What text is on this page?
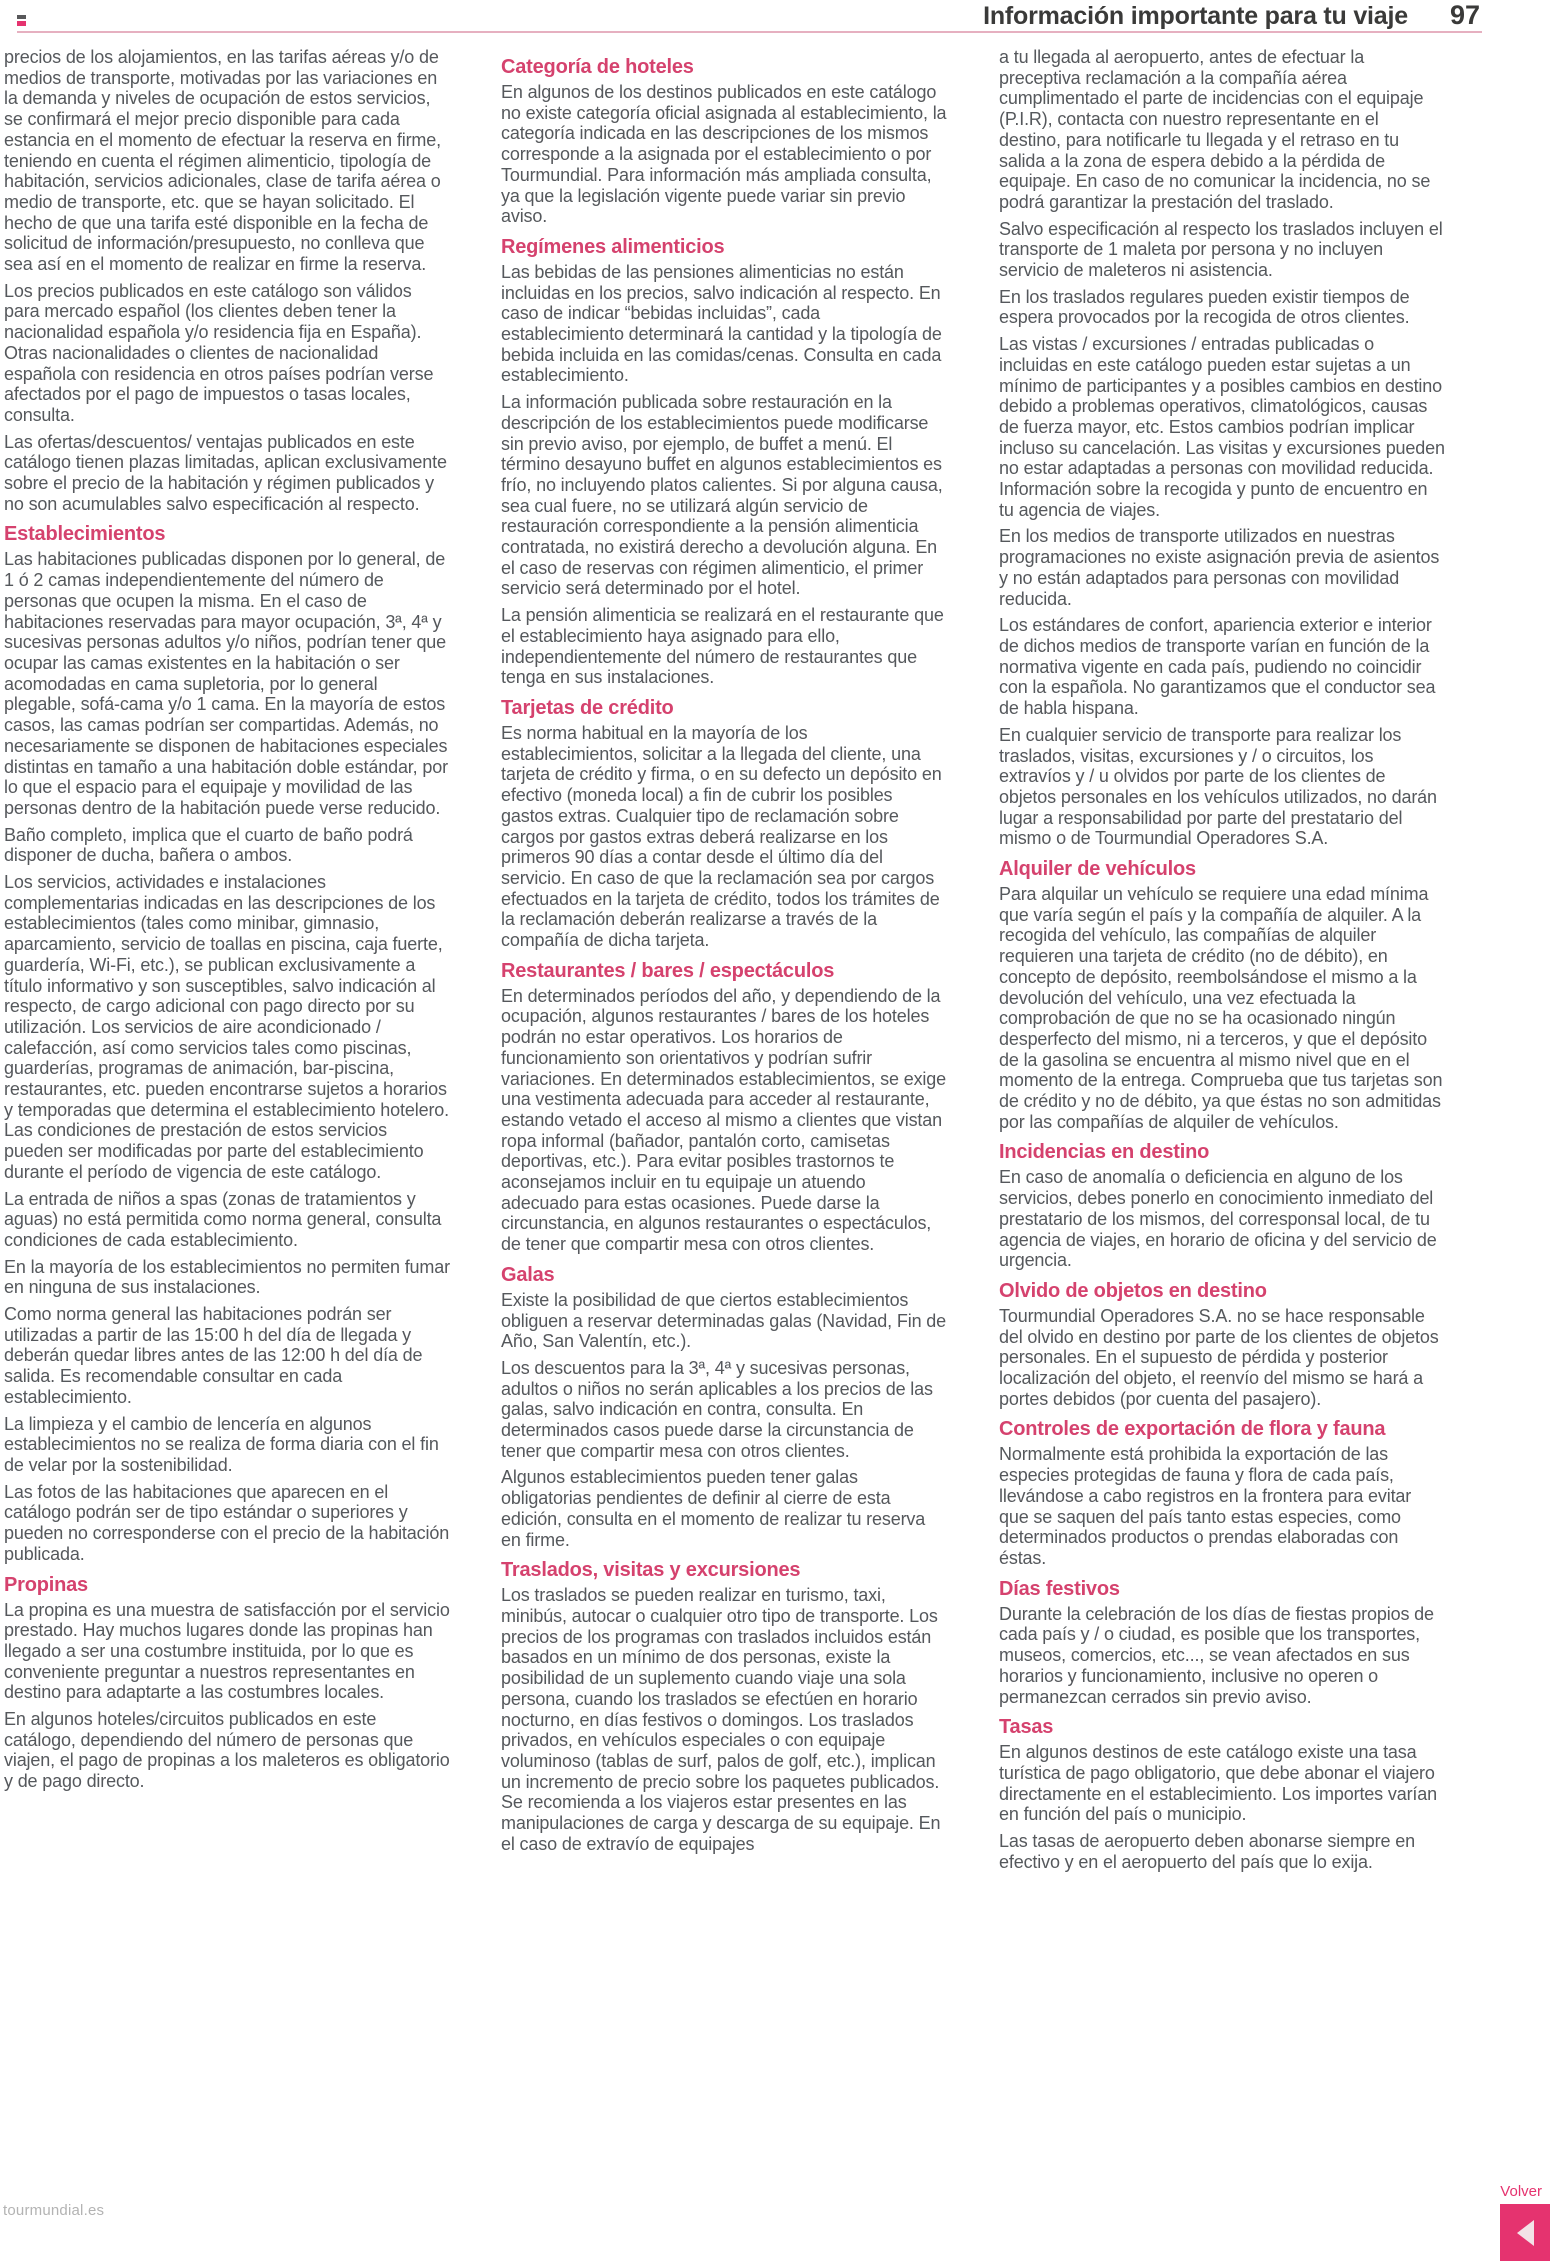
Información importante para tu viaje 97

precios de los alojamientos, en las tarifas aéreas y/o de medios de transporte, motivadas por las variaciones en la demanda y niveles de ocupación de estos servicios, se confirmará el mejor precio disponible para cada estancia en el momento de efectuar la reserva en firme, teniendo en cuenta el régimen alimenticio, tipología de habitación, servicios adicionales, clase de tarifa aérea o medio de transporte, etc. que se hayan solicitado. El hecho de que una tarifa esté disponible en la fecha de solicitud de información/presupuesto, no conlleva que sea así en el momento de realizar en firme la reserva.

Los precios publicados en este catálogo son válidos para mercado español (los clientes deben tener la nacionalidad española y/o residencia fija en España). Otras nacionalidades o clientes de nacionalidad española con residencia en otros países podrían verse afectados por el pago de impuestos o tasas locales, consulta.

Las ofertas/descuentos/ ventajas publicados en este catálogo tienen plazas limitadas, aplican exclusivamente sobre el precio de la habitación y régimen publicados y no son acumulables salvo especificación al respecto.

Establecimientos

Las habitaciones publicadas disponen por lo general, de 1 ó 2 camas independientemente del número de personas que ocupen la misma. En el caso de habitaciones reservadas para mayor ocupación, 3ª, 4ª y sucesivas personas adultos y/o niños, podrían tener que ocupar las camas existentes en la habitación o ser acomodadas en cama supletoria, por lo general plegable, sofá-cama y/o 1 cama. En la mayoría de estos casos, las camas podrían ser compartidas. Además, no necesariamente se disponen de habitaciones especiales distintas en tamaño a una habitación doble estándar, por lo que el espacio para el equipaje y movilidad de las personas dentro de la habitación puede verse reducido.

Baño completo, implica que el cuarto de baño podrá disponer de ducha, bañera o ambos.

Los servicios, actividades e instalaciones complementarias indicadas en las descripciones de los establecimientos (tales como minibar, gimnasio, aparcamiento, servicio de toallas en piscina, caja fuerte, guardería, Wi-Fi, etc.), se publican exclusivamente a título informativo y son susceptibles, salvo indicación al respecto, de cargo adicional con pago directo por su utilización. Los servicios de aire acondicionado / calefacción, así como servicios tales como piscinas, guarderías, programas de animación, bar-piscina, restaurantes, etc. pueden encontrarse sujetos a horarios y temporadas que determina el establecimiento hotelero. Las condiciones de prestación de estos servicios pueden ser modificadas por parte del establecimiento durante el período de vigencia de este catálogo.

La entrada de niños a spas (zonas de tratamientos y aguas) no está permitida como norma general, consulta condiciones de cada establecimiento.

En la mayoría de los establecimientos no permiten fumar en ninguna de sus instalaciones.

Como norma general las habitaciones podrán ser utilizadas a partir de las 15:00 h del día de llegada y deberán quedar libres antes de las 12:00 h del día de salida. Es recomendable consultar en cada establecimiento.

La limpieza y el cambio de lencería en algunos establecimientos no se realiza de forma diaria con el fin de velar por la sostenibilidad.

Las fotos de las habitaciones que aparecen en el catálogo podrán ser de tipo estándar o superiores y pueden no corresponderse con el precio de la habitación publicada.

Propinas

La propina es una muestra de satisfacción por el servicio prestado. Hay muchos lugares donde las propinas han llegado a ser una costumbre instituida, por lo que es conveniente preguntar a nuestros representantes en destino para adaptarte a las costumbres locales.

En algunos hoteles/circuitos publicados en este catálogo, dependiendo del número de personas que viajen, el pago de propinas a los maleteros es obligatorio y de pago directo.

Categoría de hoteles

En algunos de los destinos publicados en este catálogo no existe categoría oficial asignada al establecimiento, la categoría indicada en las descripciones de los mismos corresponde a la asignada por el establecimiento o por Tourmundial. Para información más ampliada consulta, ya que la legislación vigente puede variar sin previo aviso.

Regímenes alimenticios

Las bebidas de las pensiones alimenticias no están incluidas en los precios, salvo indicación al respecto. En caso de indicar “bebidas incluidas”, cada establecimiento determinará la cantidad y la tipología de bebida incluida en las comidas/cenas. Consulta en cada establecimiento.

La información publicada sobre restauración en la descripción de los establecimientos puede modificarse sin previo aviso, por ejemplo, de buffet a menú. El término desayuno buffet en algunos establecimientos es frío, no incluyendo platos calientes. Si por alguna causa, sea cual fuere, no se utilizará algún servicio de restauración correspondiente a la pensión alimenticia contratada, no existirá derecho a devolución alguna. En el caso de reservas con régimen alimenticio, el primer servicio será determinado por el hotel.

La pensión alimenticia se realizará en el restaurante que el establecimiento haya asignado para ello, independientemente del número de restaurantes que tenga en sus instalaciones.

Tarjetas de crédito

Es norma habitual en la mayoría de los establecimientos, solicitar a la llegada del cliente, una tarjeta de crédito y firma, o en su defecto un depósito en efectivo (moneda local) a fin de cubrir los posibles gastos extras. Cualquier tipo de reclamación sobre cargos por gastos extras deberá realizarse en los primeros 90 días a contar desde el último día del servicio. En caso de que la reclamación sea por cargos efectuados en la tarjeta de crédito, todos los trámites de la reclamación deberán realizarse a través de la compañía de dicha tarjeta.

Restaurantes / bares / espectáculos

En determinados períodos del año, y dependiendo de la ocupación, algunos restaurantes / bares de los hoteles podrán no estar operativos. Los horarios de funcionamiento son orientativos y podrían sufrir variaciones. En determinados establecimientos, se exige una vestimenta adecuada para acceder al restaurante, estando vetado el acceso al mismo a clientes que vistan ropa informal (bañador, pantalón corto, camisetas deportivas, etc.). Para evitar posibles trastornos te aconsejamos incluir en tu equipaje un atuendo adecuado para estas ocasiones. Puede darse la circunstancia, en algunos restaurantes o espectáculos, de tener que compartir mesa con otros clientes.

Galas

Existe la posibilidad de que ciertos establecimientos obliguen a reservar determinadas galas (Navidad, Fin de Año, San Valentín, etc.).

Los descuentos para la 3ª, 4ª y sucesivas personas, adultos o niños no serán aplicables a los precios de las galas, salvo indicación en contra, consulta. En determinados casos puede darse la circunstancia de tener que compartir mesa con otros clientes.

Algunos establecimientos pueden tener galas obligatorias pendientes de definir al cierre de esta edición, consulta en el momento de realizar tu reserva en firme.

Traslados, visitas y excursiones

Los traslados se pueden realizar en turismo, taxi, minibús, autocar o cualquier otro tipo de transporte. Los precios de los programas con traslados incluidos están basados en un mínimo de dos personas, existe la posibilidad de un suplemento cuando viaje una sola persona, cuando los traslados se efectúen en horario nocturno, en días festivos o domingos. Los traslados privados, en vehículos especiales o con equipaje voluminoso (tablas de surf, palos de golf, etc.), implican un incremento de precio sobre los paquetes publicados. Se recomienda a los viajeros estar presentes en las manipulaciones de carga y descarga de su equipaje. En el caso de extravío de equipajes

a tu llegada al aeropuerto, antes de efectuar la preceptiva reclamación a la compañía aérea cumplimentado el parte de incidencias con el equipaje (P.I.R), contacta con nuestro representante en el destino, para notificarle tu llegada y el retraso en tu salida a la zona de espera debido a la pérdida de equipaje. En caso de no comunicar la incidencia, no se podrá garantizar la prestación del traslado.

Salvo especificación al respecto los traslados incluyen el transporte de 1 maleta por persona y no incluyen servicio de maleteros ni asistencia.

En los traslados regulares pueden existir tiempos de espera provocados por la recogida de otros clientes.

Las vistas / excursiones / entradas publicadas o incluidas en este catálogo pueden estar sujetas a un mínimo de participantes y a posibles cambios en destino debido a problemas operativos, climatológicos, causas de fuerza mayor, etc. Estos cambios podrían implicar incluso su cancelación. Las visitas y excursiones pueden no estar adaptadas a personas con movilidad reducida. Información sobre la recogida y punto de encuentro en tu agencia de viajes.

En los medios de transporte utilizados en nuestras programaciones no existe asignación previa de asientos y no están adaptados para personas con movilidad reducida.

Los estándares de confort, apariencia exterior e interior de dichos medios de transporte varían en función de la normativa vigente en cada país, pudiendo no coincidir con la española. No garantizamos que el conductor sea de habla hispana.

En cualquier servicio de transporte para realizar los traslados, visitas, excursiones y / o circuitos, los extravíos y / u olvidos por parte de los clientes de objetos personales en los vehículos utilizados, no darán lugar a responsabilidad por parte del prestatario del mismo o de Tourmundial Operadores S.A.

Alquiler de vehículos

Para alquilar un vehículo se requiere una edad mínima que varía según el país y la compañía de alquiler. A la recogida del vehículo, las compañías de alquiler requieren una tarjeta de crédito (no de débito), en concepto de depósito, reembolsándose el mismo a la devolución del vehículo, una vez efectuada la comprobación de que no se ha ocasionado ningún desperfecto del mismo, ni a terceros, y que el depósito de la gasolina se encuentra al mismo nivel que en el momento de la entrega. Comprueba que tus tarjetas son de crédito y no de débito, ya que éstas no son admitidas por las compañías de alquiler de vehículos.

Incidencias en destino

En caso de anomalía o deficiencia en alguno de los servicios, debes ponerlo en conocimiento inmediato del prestatario de los mismos, del corresponsal local, de tu agencia de viajes, en horario de oficina y del servicio de urgencia.

Olvido de objetos en destino

Tourmundial Operadores S.A. no se hace responsable del olvido en destino por parte de los clientes de objetos personales. En el supuesto de pérdida y posterior localización del objeto, el reenvío del mismo se hará a portes debidos (por cuenta del pasajero).

Controles de exportación de flora y fauna

Normalmente está prohibida la exportación de las especies protegidas de fauna y flora de cada país, llevándose a cabo registros en la frontera para evitar que se saquen del país tanto estas especies, como determinados productos o prendas elaboradas con éstas.

Días festivos

Durante la celebración de los días de fiestas propios de cada país y / o ciudad, es posible que los transportes, museos, comercios, etc..., se vean afectados en sus horarios y funcionamiento, inclusive no operen o permanezcan cerrados sin previo aviso.

Tasas

En algunos destinos de este catálogo existe una tasa turística de pago obligatorio, que debe abonar el viajero directamente en el establecimiento. Los importes varían en función del país o municipio.

Las tasas de aeropuerto deben abonarse siempre en efectivo y en el aeropuerto del país que lo exija.

tourmundial.es
Volver
